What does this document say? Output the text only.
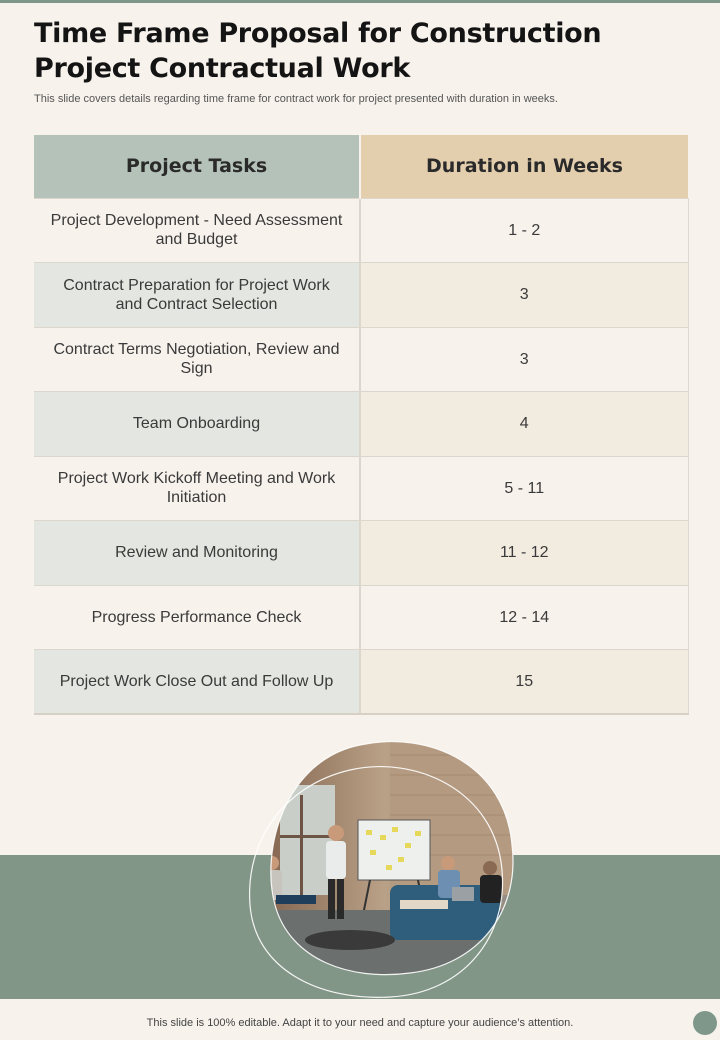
Time Frame Proposal for Construction Project Contractual Work

This slide covers details regarding time frame for contract work for project presented with duration in weeks.

Project Tasks	Duration in Weeks
Project Development - Need Assessment and Budget	1 - 2
Contract Preparation for Project Work and Contract Selection	3
Contract Terms Negotiation, Review and Sign	3
Team Onboarding	4
Project Work Kickoff Meeting and Work Initiation	5 - 11
Review and Monitoring	11 - 12
Progress Performance Check	12 - 14
Project Work Close Out and Follow Up	15

This slide is 100% editable. Adapt it to your need and capture your audience’s attention.
